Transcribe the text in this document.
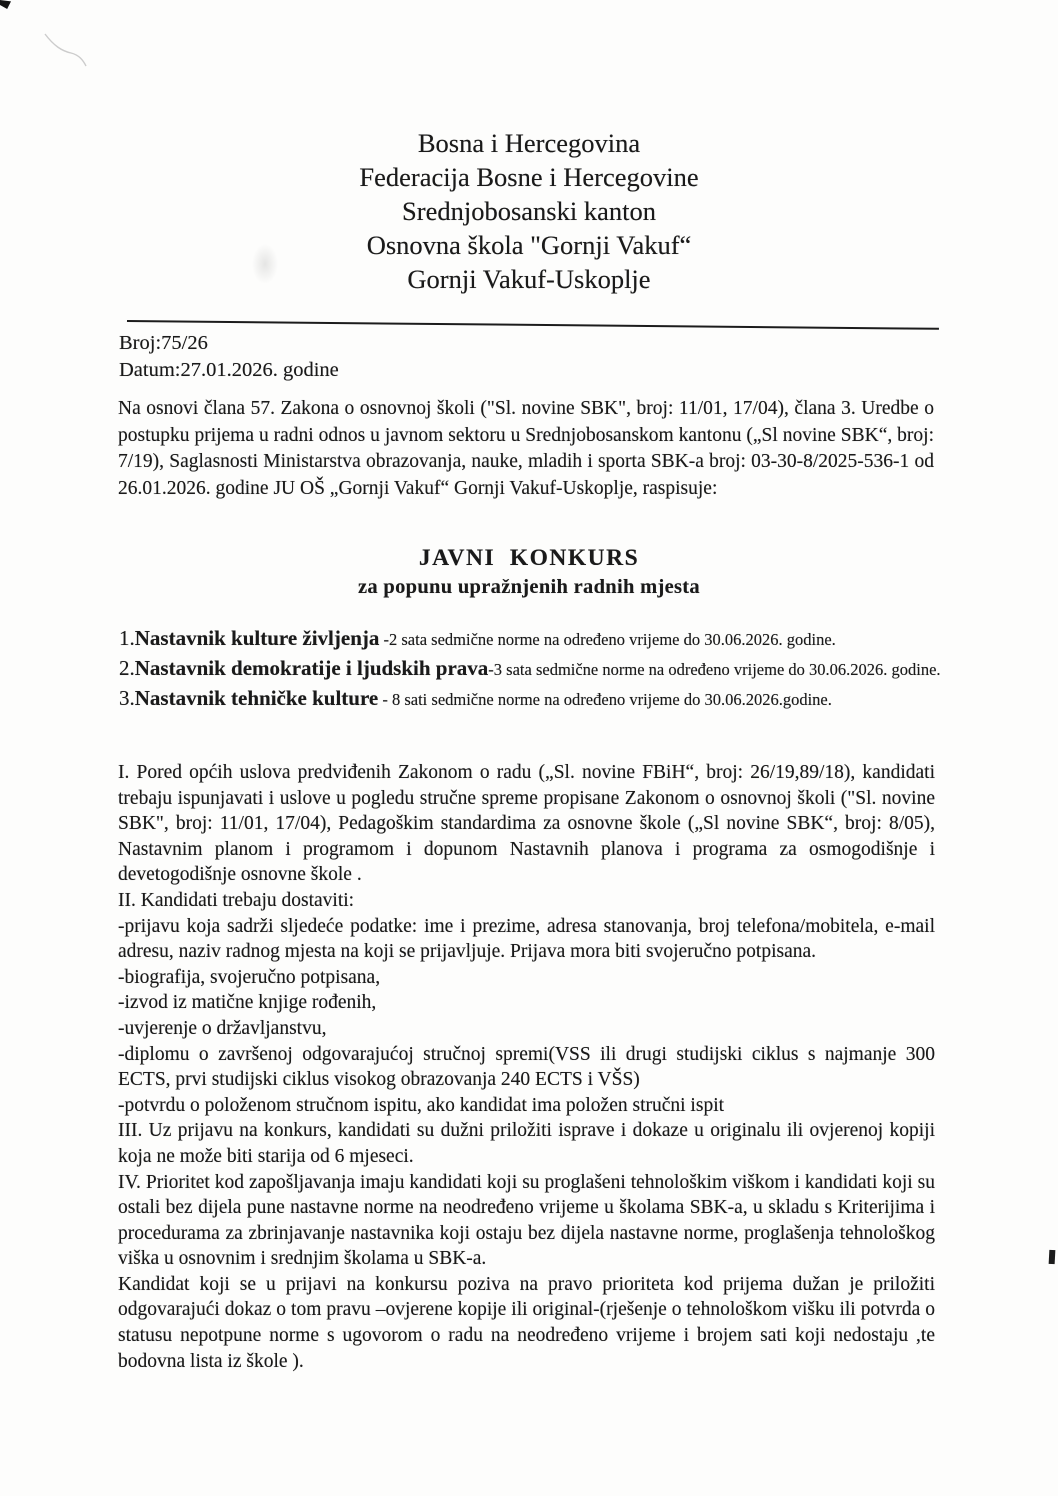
Bosna i Hercegovina
Federacija Bosne i Hercegovine
Srednjobosanski kanton
Osnovna škola "Gornji Vakuf“
Gornji Vakuf-Uskoplje
Broj:75/26
Datum:27.01.2026. godine

Na osnovi člana 57. Zakona o osnovnoj školi ("Sl. novine SBK", broj: 11/01, 17/04), člana 3. Uredbe o postupku prijema u radni odnos u javnom sektoru u Srednjobosanskom kantonu („Sl novine SBK“, broj: 7/19), Saglasnosti Ministarstva obrazovanja, nauke, mladih i sporta SBK-a broj: 03-30-8/2025-536-1 od 26.01.2026. godine JU OŠ „Gornji Vakuf“ Gornji Vakuf-Uskoplje, raspisuje:

JAVNI  KONKURS
za popunu upražnjenih radnih mjesta

1.Nastavnik kulture življenja -2 sata sedmične norme na određeno vrijeme do 30.06.2026. godine.

2.Nastavnik demokratije i ljudskih prava-3 sata sedmične norme na određeno vrijeme do 30.06.2026. godine.

3.Nastavnik tehničke kulture - 8 sati sedmične norme na određeno vrijeme do 30.06.2026.godine.

I. Pored općih uslova predviđenih Zakonom o radu („Sl. novine FBiH“, broj: 26/19,89/18), kandidati trebaju ispunjavati i uslove u pogledu stručne spreme propisane Zakonom o osnovnoj školi ("Sl. novine SBK", broj: 11/01, 17/04), Pedagoškim standardima za osnovne škole („Sl novine SBK“, broj: 8/05), Nastavnim planom i programom i dopunom Nastavnih planova i programa za osmogodišnje i devetogodišnje osnovne škole .

II. Kandidati trebaju dostaviti:

-prijavu koja sadrži sljedeće podatke: ime i prezime, adresa stanovanja, broj telefona/mobitela, e-mail adresu, naziv radnog mjesta na koji se prijavljuje. Prijava mora biti svojeručno potpisana.

-biografija, svojeručno potpisana,

-izvod iz matične knjige rođenih,

-uvjerenje o državljanstvu,

-diplomu o završenoj odgovarajućoj stručnoj spremi(VSS ili drugi studijski ciklus s najmanje 300 ECTS, prvi studijski ciklus visokog obrazovanja 240 ECTS i VŠS)

-potvrdu o položenom stručnom ispitu, ako kandidat ima položen stručni ispit

III. Uz prijavu na konkurs, kandidati su dužni priložiti isprave i dokaze u originalu ili ovjerenoj kopiji koja ne može biti starija od 6 mjeseci.

IV. Prioritet kod zapošljavanja imaju kandidati koji su proglašeni tehnološkim viškom i kandidati koji su ostali bez dijela pune nastavne norme na neodređeno vrijeme u školama SBK-a, u skladu s Kriterijima i procedurama za zbrinjavanje nastavnika koji ostaju bez dijela nastavne norme, proglašenja tehnološkog viška u osnovnim i srednjim školama u SBK-a.

Kandidat koji se u prijavi na konkursu poziva na pravo prioriteta kod prijema dužan je priložiti odgovarajući dokaz o tom pravu –ovjerene kopije ili original-(rješenje o tehnološkom višku ili potvrda o statusu nepotpune norme s ugovorom o radu na neodređeno vrijeme i brojem sati koji nedostaju ,te bodovna lista iz škole ).
